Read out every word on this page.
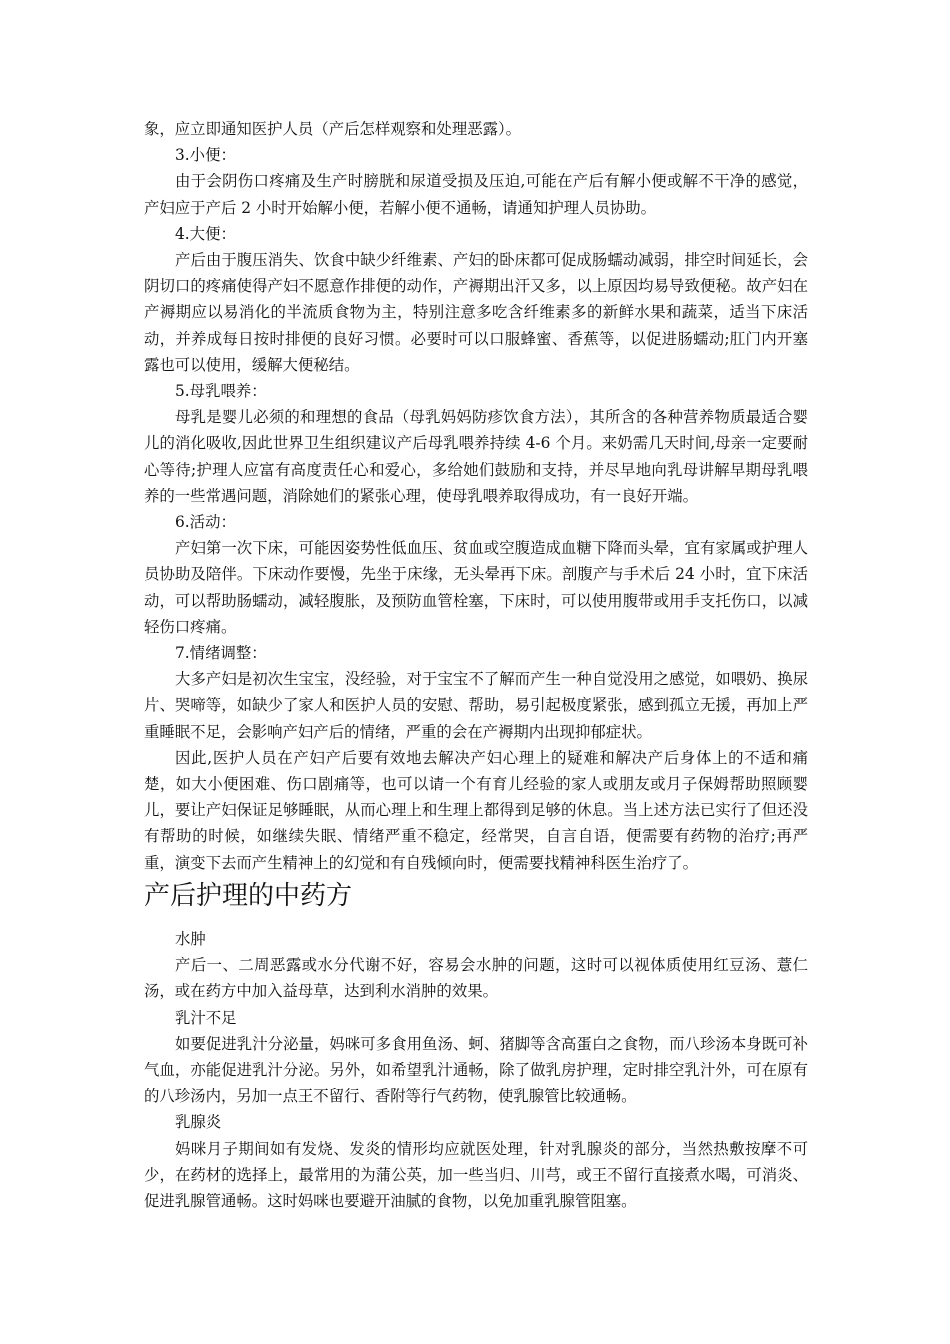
象，应立即通知医护人员（产后怎样观察和处理恶露）。

3.小便：

由于会阴伤口疼痛及生产时膀胱和尿道受损及压迫,可能在产后有解小便或解不干净的感觉，产妇应于产后 2 小时开始解小便，若解小便不通畅，请通知护理人员协助。

4.大便：

产后由于腹压消失、饮食中缺少纤维素、产妇的卧床都可促成肠蠕动减弱，排空时间延长，会阴切口的疼痛使得产妇不愿意作排便的动作，产褥期出汗又多，以上原因均易导致便秘。故产妇在产褥期应以易消化的半流质食物为主，特别注意多吃含纤维素多的新鲜水果和蔬菜，适当下床活动，并养成每日按时排便的良好习惯。必要时可以口服蜂蜜、香蕉等，以促进肠蠕动;肛门内开塞露也可以使用，缓解大便秘结。

5.母乳喂养：

母乳是婴儿必须的和理想的食品（母乳妈妈防疹饮食方法），其所含的各种营养物质最适合婴儿的消化吸收,因此世界卫生组织建议产后母乳喂养持续 4-6 个月。来奶需几天时间,母亲一定要耐心等待;护理人应富有高度责任心和爱心，多给她们鼓励和支持，并尽早地向乳母讲解早期母乳喂养的一些常遇问题，消除她们的紧张心理，使母乳喂养取得成功，有一良好开端。

6.活动：

产妇第一次下床，可能因姿势性低血压、贫血或空腹造成血糖下降而头晕，宜有家属或护理人员协助及陪伴。下床动作要慢，先坐于床缘，无头晕再下床。剖腹产与手术后 24 小时，宜下床活动，可以帮助肠蠕动，减轻腹胀，及预防血管栓塞，下床时，可以使用腹带或用手支托伤口，以减轻伤口疼痛。

7.情绪调整：

大多产妇是初次生宝宝，没经验，对于宝宝不了解而产生一种自觉没用之感觉，如喂奶、换尿片、哭啼等，如缺少了家人和医护人员的安慰、帮助，易引起极度紧张，感到孤立无援，再加上严重睡眠不足，会影响产妇产后的情绪，严重的会在产褥期内出现抑郁症状。

因此,医护人员在产妇产后要有效地去解决产妇心理上的疑难和解决产后身体上的不适和痛楚，如大小便困难、伤口剧痛等，也可以请一个有育儿经验的家人或朋友或月子保姆帮助照顾婴儿，要让产妇保证足够睡眠，从而心理上和生理上都得到足够的休息。当上述方法已实行了但还没有帮助的时候，如继续失眠、情绪严重不稳定，经常哭，自言自语，便需要有药物的治疗;再严重，演变下去而产生精神上的幻觉和有自残倾向时，便需要找精神科医生治疗了。

产后护理的中药方

水肿

产后一、二周恶露或水分代谢不好，容易会水肿的问题，这时可以视体质使用红豆汤、薏仁汤，或在药方中加入益母草，达到利水消肿的效果。

乳汁不足

如要促进乳汁分泌量，妈咪可多食用鱼汤、蚵、猪脚等含高蛋白之食物，而八珍汤本身既可补气血，亦能促进乳汁分泌。另外，如希望乳汁通畅，除了做乳房护理，定时排空乳汁外，可在原有的八珍汤内，另加一点王不留行、香附等行气药物，使乳腺管比较通畅。

乳腺炎

妈咪月子期间如有发烧、发炎的情形均应就医处理，针对乳腺炎的部分，当然热敷按摩不可少，在药材的选择上，最常用的为蒲公英，加一些当归、川芎，或王不留行直接煮水喝，可消炎、促进乳腺管通畅。这时妈咪也要避开油腻的食物，以免加重乳腺管阻塞。
